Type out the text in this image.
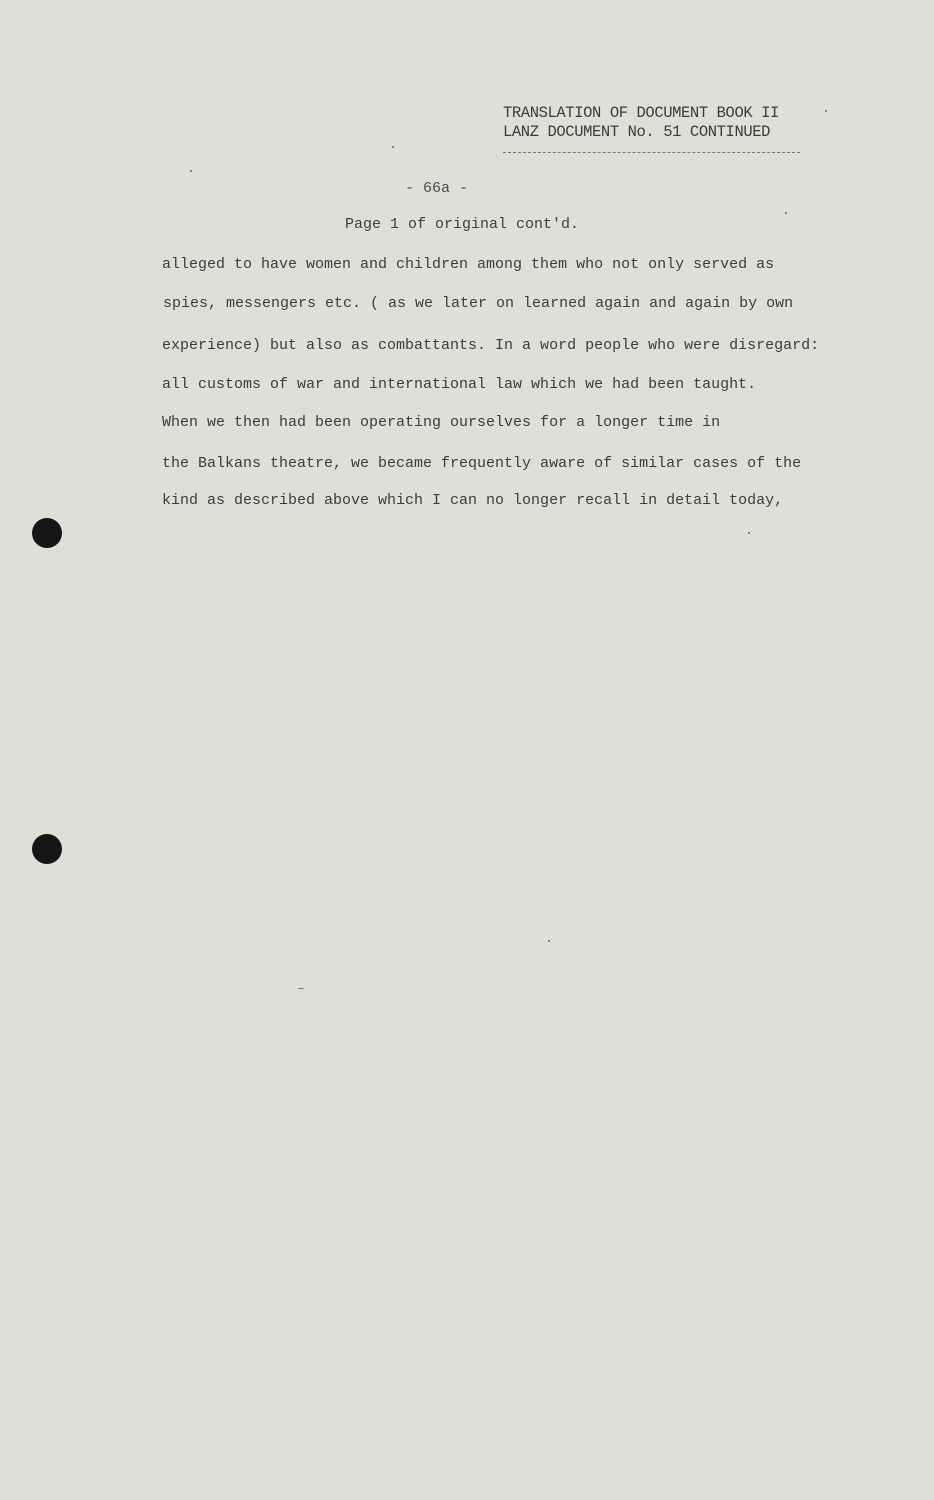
TRANSLATION OF DOCUMENT BOOK II
LANZ DOCUMENT No. 51 CONTINUED
- 66a -
Page 1 of original cont'd.
alleged to have women and children among them who not only served as
spies, messengers etc. ( as we later on learned again and again by own
experience) but also as combattants. In a word people who were disregard:
all customs of war and international law which we had been taught.
When we then had been operating ourselves for a longer time in
the Balkans theatre, we became frequently aware of similar cases of the
kind as described above which I can no longer recall in detail today,
